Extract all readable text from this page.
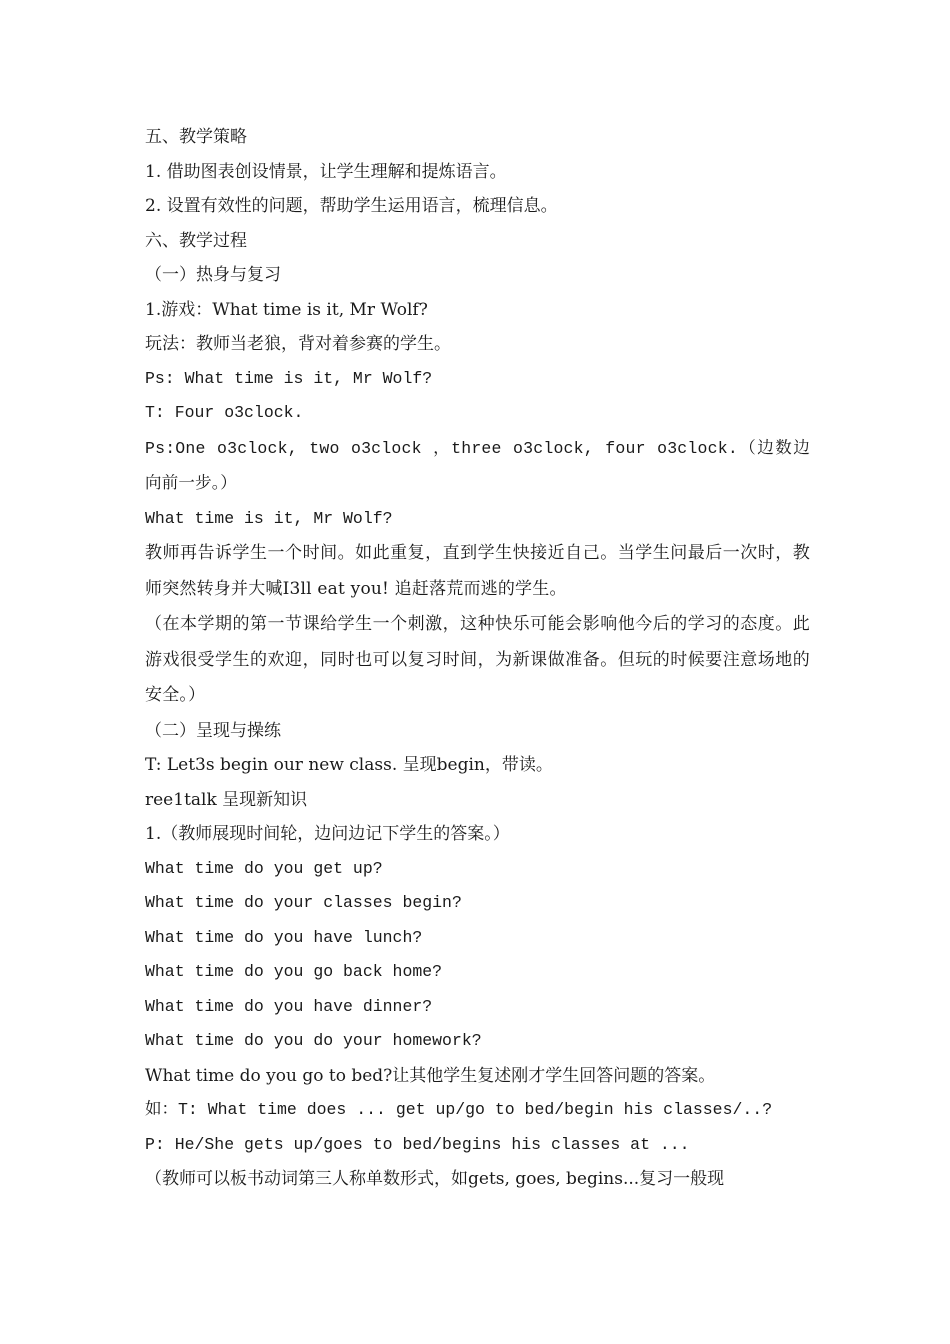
五、教学策略
1. 借助图表创设情景，让学生理解和提炼语言。
2. 设置有效性的问题，帮助学生运用语言，梳理信息。
六、教学过程
（一）热身与复习
1.游戏：What time is it, Mr Wolf?
玩法：教师当老狼，背对着参赛的学生。
Ps: What time is it, Mr Wolf?
T: Four o3clock.
Ps:One o3clock, two o3clock ，three o3clock, four o3clock.（边数边向前一步。）
What time is it, Mr Wolf?
教师再告诉学生一个时间。如此重复，直到学生快接近自己。当学生问最后一次时，教师突然转身并大喊I3ll eat you! 追赶落荒而逃的学生。
（在本学期的第一节课给学生一个刺激，这种快乐可能会影响他今后的学习的态度。此游戏很受学生的欢迎，同时也可以复习时间，为新课做准备。但玩的时候要注意场地的安全。）
（二）呈现与操练
T: Let3s begin our new class. 呈现begin，带读。
ree1talk 呈现新知识
1.（教师展现时间轮，边问边记下学生的答案。）
What time do you get up?
What time do your classes begin?
What time do you have lunch?
What time do you go back home?
What time do you have dinner?
What time do you do your homework?
What time do you go to bed?让其他学生复述刚才学生回答问题的答案。
如：T: What time does ... get up/go to bed/begin his classes/..?
P: He/She gets up/goes to bed/begins his classes at ...
（教师可以板书动词第三人称单数形式，如gets, goes, begins...复习一般现
